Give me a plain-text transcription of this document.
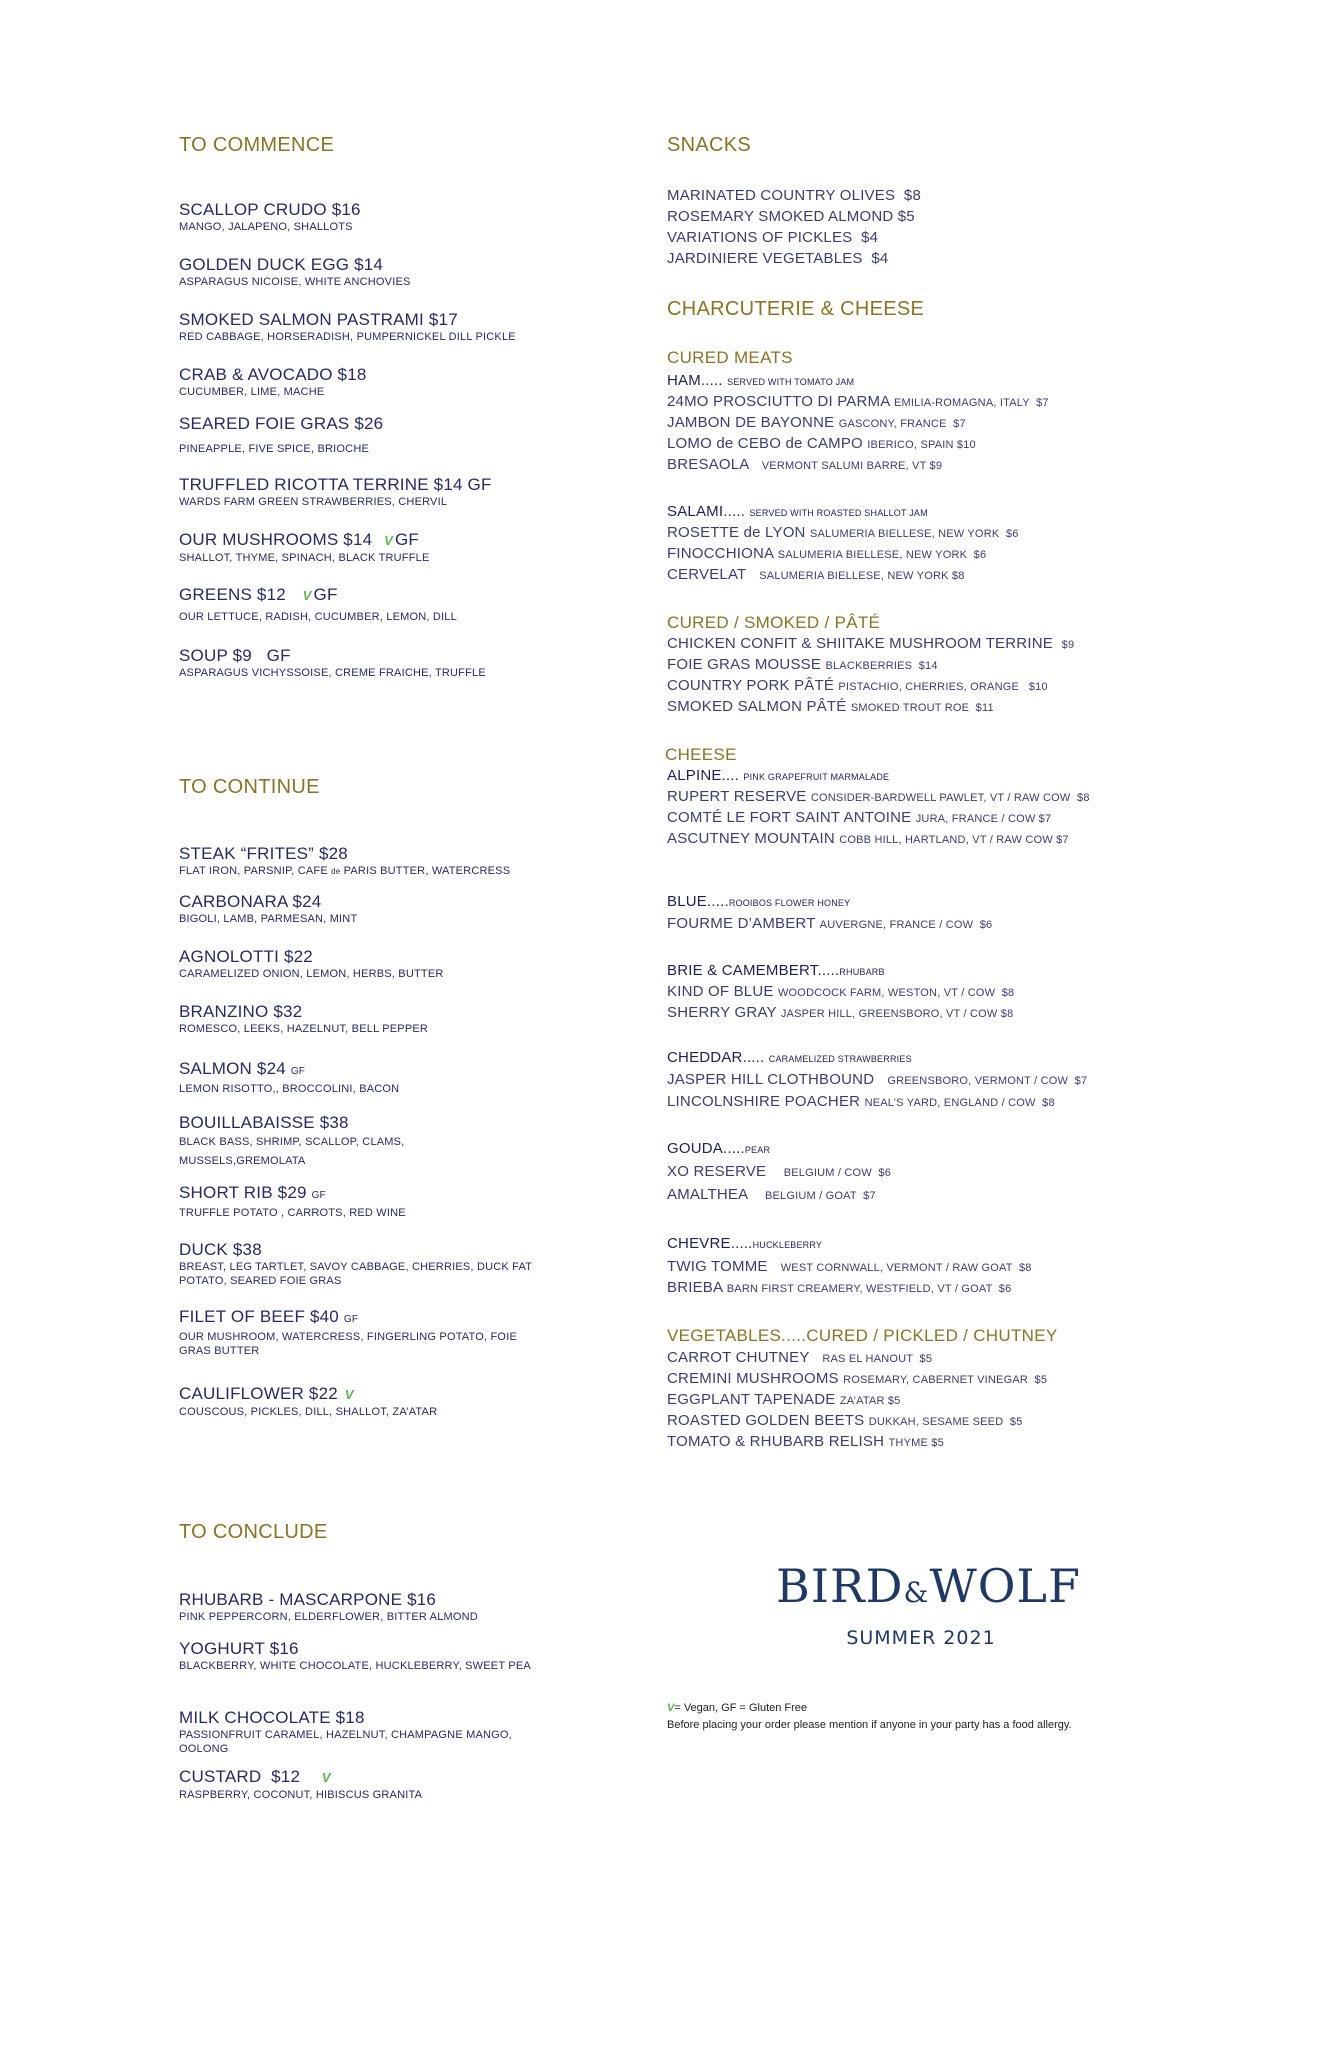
TO COMMENCE
SCALLOP CRUDO $16
MANGO, JALAPENO, SHALLOTS
GOLDEN DUCK EGG $14
ASPARAGUS NICOISE, WHITE ANCHOVIES
SMOKED SALMON PASTRAMI $17
RED CABBAGE, HORSERADISH, PUMPERNICKEL DILL PICKLE
CRAB & AVOCADO $18
CUCUMBER, LIME, MACHE
SEARED FOIE GRAS $26
PINEAPPLE, FIVE SPICE, BRIOCHE
TRUFFLED RICOTTA TERRINE $14 GF
WARDS FARM GREEN STRAWBERRIES, CHERVIL
OUR MUSHROOMS $14 V GF
SHALLOT, THYME, SPINACH, BLACK TRUFFLE
GREENS $12 V GF
OUR LETTUCE, RADISH, CUCUMBER, LEMON, DILL
SOUP $9   GF
ASPARAGUS VICHYSSOISE, CREME FRAICHE, TRUFFLE
TO CONTINUE
STEAK “FRITES” $28
FLAT IRON, PARSNIP, CAFE de PARIS BUTTER, WATERCRESS
CARBONARA $24
BIGOLI, LAMB, PARMESAN, MINT
AGNOLOTTI $22
CARAMELIZED ONION, LEMON, HERBS, BUTTER
BRANZINO $32
ROMESCO, LEEKS, HAZELNUT, BELL PEPPER
SALMON $24 GF
LEMON RISOTTO,, BROCCOLINI, BACON
BOUILLABAISSE $38
BLACK BASS, SHRIMP, SCALLOP, CLAMS, MUSSELS,GREMOLATA
SHORT RIB $29 GF
TRUFFLE POTATO , CARROTS, RED WINE
DUCK $38
BREAST, LEG TARTLET, SAVOY CABBAGE, CHERRIES, DUCK FAT POTATO, SEARED FOIE GRAS
FILET OF BEEF $40 GF
OUR MUSHROOM, WATERCRESS, FINGERLING POTATO, FOIE GRAS BUTTER
CAULIFLOWER $22 V
COUSCOUS, PICKLES, DILL, SHALLOT, ZA’ATAR
TO CONCLUDE
RHUBARB - MASCARPONE $16
PINK PEPPERCORN, ELDERFLOWER, BITTER ALMOND
YOGHURT $16
BLACKBERRY, WHITE CHOCOLATE, HUCKLEBERRY, SWEET PEA
MILK CHOCOLATE $18
PASSIONFRUIT CARAMEL, HAZELNUT, CHAMPAGNE MANGO, OOLONG
CUSTARD  $12 V
RASPBERRY, COCONUT, HIBISCUS GRANITA
SNACKS
MARINATED COUNTRY OLIVES  $8
ROSEMARY SMOKED ALMOND $5
VARIATIONS OF PICKLES  $4
JARDINIERE VEGETABLES  $4
CHARCUTERIE & CHEESE
CURED MEATS
HAM..... SERVED WITH TOMATO JAM
24MO PROSCIUTTO DI PARMA EMILIA-ROMAGNA, ITALY  $7
JAMBON DE BAYONNE GASCONY, FRANCE  $7
LOMO de CEBO de CAMPO IBERICO, SPAIN $10
BRESAOLA   VERMONT SALUMI BARRE, VT $9
SALAMI..... SERVED WITH ROASTED SHALLOT JAM
ROSETTE de LYON SALUMERIA BIELLESE, NEW YORK  $6
FINOCCHIONA SALUMERIA BIELLESE, NEW YORK  $6
CERVELAT   SALUMERIA BIELLESE, NEW YORK $8
CURED / SMOKED / PÂTÉ
CHICKEN CONFIT & SHIITAKE MUSHROOM TERRINE  $9
FOIE GRAS MOUSSE BLACKBERRIES  $14
COUNTRY PORK PÂTÉ PISTACHIO, CHERRIES, ORANGE   $10
SMOKED SALMON PÂTÉ SMOKED TROUT ROE  $11
CHEESE
ALPINE.... PINK GRAPEFRUIT MARMALADE
RUPERT RESERVE CONSIDER-BARDWELL PAWLET, VT / RAW COW  $8
COMTÉ LE FORT SAINT ANTOINE JURA, FRANCE / COW $7
ASCUTNEY MOUNTAIN COBB HILL, HARTLAND, VT / RAW COW $7
BLUE.....ROOIBOS FLOWER HONEY
FOURME D’AMBERT AUVERGNE, FRANCE / COW  $6
BRIE & CAMEMBERT.....RHUBARB
KIND OF BLUE WOODCOCK FARM, WESTON, VT / COW  $8
SHERRY GRAY JASPER HILL, GREENSBORO, VT / COW $8
CHEDDAR..... CARAMELIZED STRAWBERRIES
JASPER HILL CLOTHBOUND   GREENSBORO, VERMONT / COW  $7
LINCOLNSHIRE POACHER NEAL’S YARD, ENGLAND / COW  $8
GOUDA.....PEAR
XO RESERVE    BELGIUM / COW  $6
AMALTHEA    BELGIUM / GOAT  $7
CHEVRE.....HUCKLEBERRY
TWIG TOMME   WEST CORNWALL, VERMONT / RAW GOAT  $8
BRIEBA BARN FIRST CREAMERY, WESTFIELD, VT / GOAT  $6
VEGETABLES.....CURED / PICKLED / CHUTNEY
CARROT CHUTNEY   RAS EL HANOUT  $5
CREMINI MUSHROOMS ROSEMARY, CABERNET VINEGAR  $5
EGGPLANT TAPENADE ZA’ATAR $5
ROASTED GOLDEN BEETS DUKKAH, SESAME SEED  $5
TOMATO & RHUBARB RELISH THYME $5
BIRD&WOLF
SUMMER 2021
V= Vegan, GF = Gluten Free
Before placing your order please mention if anyone in your party has a food allergy.
